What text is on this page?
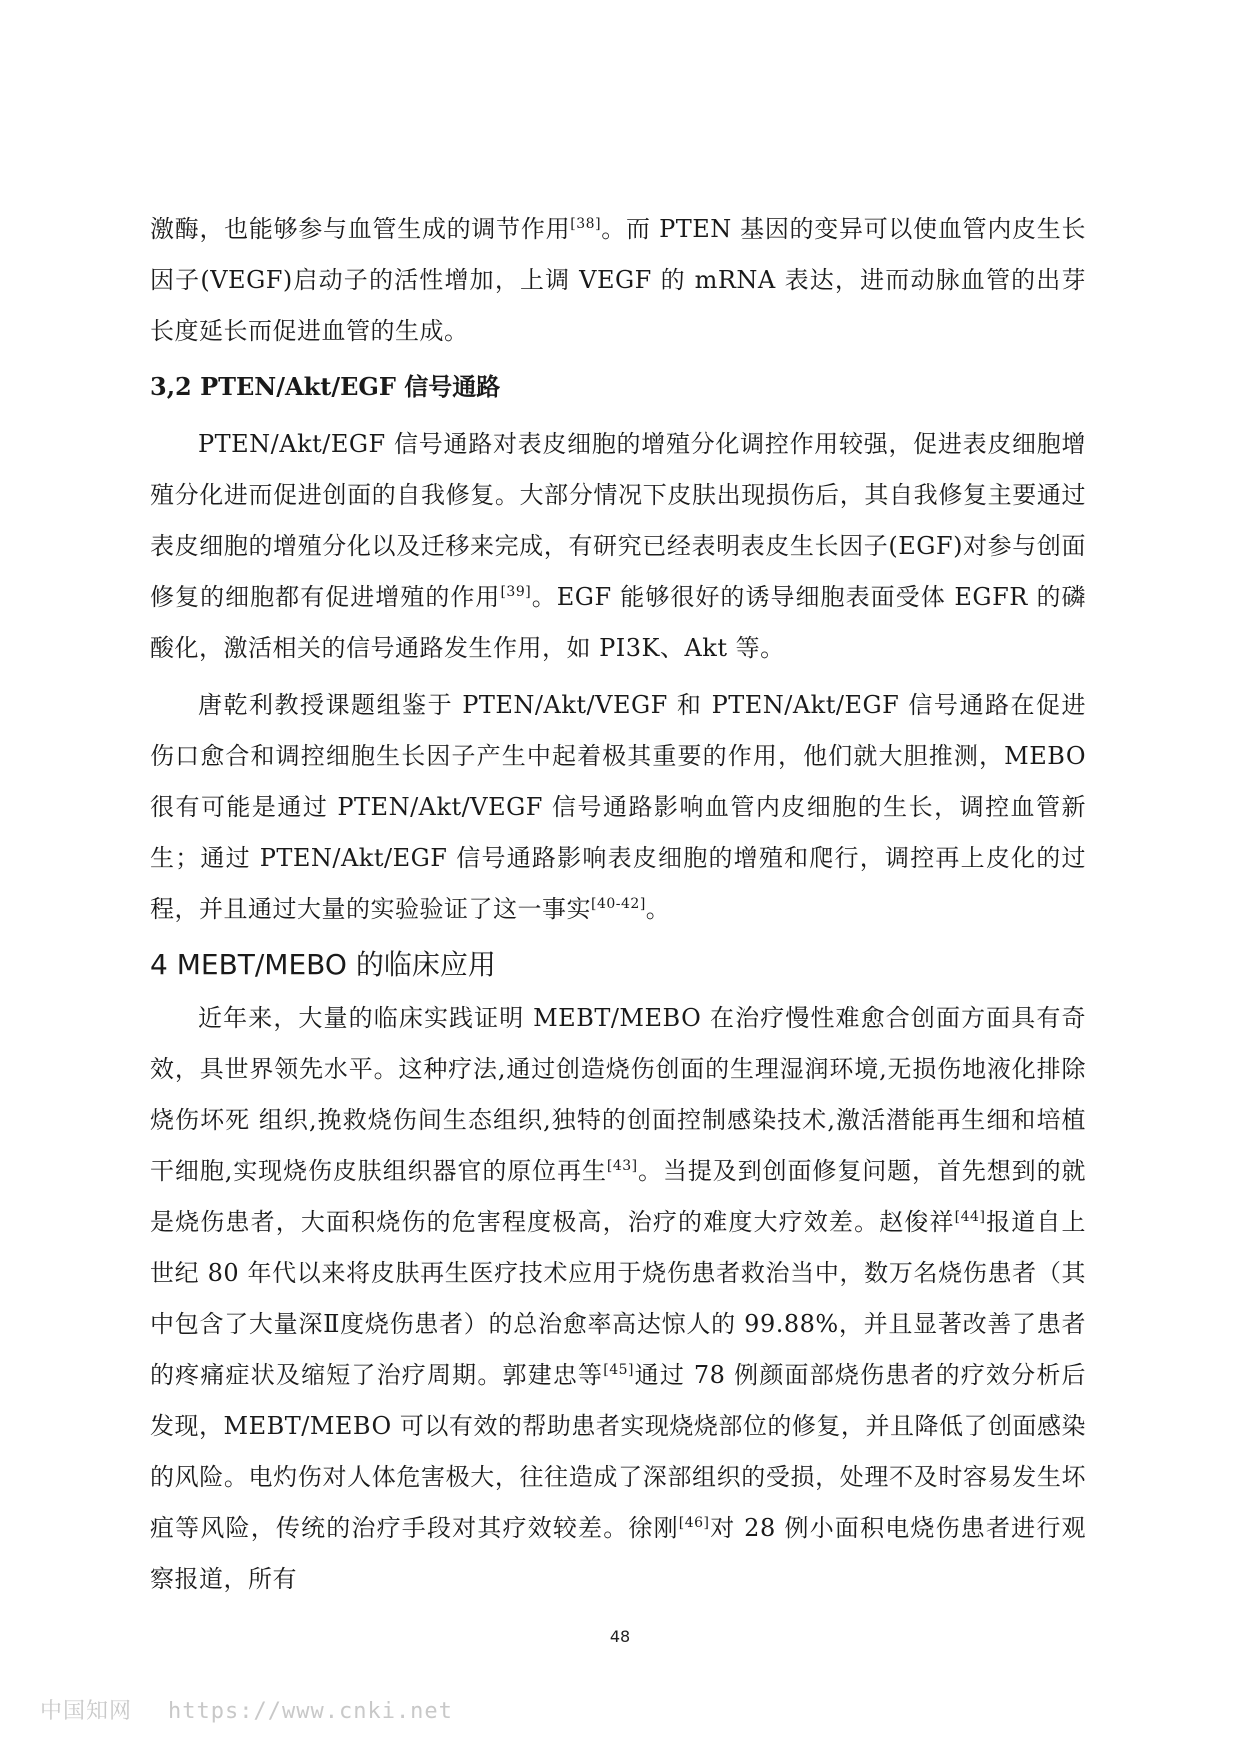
激酶，也能够参与血管生成的调节作用[38]。而 PTEN 基因的变异可以使血管内皮生长因子(VEGF)启动子的活性增加，上调 VEGF 的 mRNA 表达，进而动脉血管的出芽长度延长而促进血管的生成。

3,2 PTEN/Akt/EGF 信号通路

PTEN/Akt/EGF 信号通路对表皮细胞的增殖分化调控作用较强，促进表皮细胞增殖分化进而促进创面的自我修复。大部分情况下皮肤出现损伤后，其自我修复主要通过表皮细胞的增殖分化以及迁移来完成，有研究已经表明表皮生长因子(EGF)对参与创面修复的细胞都有促进增殖的作用[39]。EGF 能够很好的诱导细胞表面受体 EGFR 的磷酸化，激活相关的信号通路发生作用，如 PI3K、Akt 等。

唐乾利教授课题组鉴于 PTEN/Akt/VEGF 和 PTEN/Akt/EGF 信号通路在促进伤口愈合和调控细胞生长因子产生中起着极其重要的作用，他们就大胆推测，MEBO 很有可能是通过 PTEN/Akt/VEGF 信号通路影响血管内皮细胞的生长，调控血管新生；通过 PTEN/Akt/EGF 信号通路影响表皮细胞的增殖和爬行，调控再上皮化的过程，并且通过大量的实验验证了这一事实[40-42]。

4 MEBT/MEBO 的临床应用

近年来，大量的临床实践证明 MEBT/MEBO 在治疗慢性难愈合创面方面具有奇效，具世界领先水平。这种疗法,通过创造烧伤创面的生理湿润环境,无损伤地液化排除烧伤坏死 组织,挽救烧伤间生态组织,独特的创面控制感染技术,激活潜能再生细和培植干细胞,实现烧伤皮肤组织器官的原位再生[43]。当提及到创面修复问题，首先想到的就是烧伤患者，大面积烧伤的危害程度极高，治疗的难度大疗效差。赵俊祥[44]报道自上世纪 80 年代以来将皮肤再生医疗技术应用于烧伤患者救治当中，数万名烧伤患者（其中包含了大量深Ⅱ度烧伤患者）的总治愈率高达惊人的 99.88%，并且显著改善了患者的疼痛症状及缩短了治疗周期。郭建忠等[45]通过 78 例颜面部烧伤患者的疗效分析后发现，MEBT/MEBO 可以有效的帮助患者实现烧烧部位的修复，并且降低了创面感染的风险。电灼伤对人体危害极大，往往造成了深部组织的受损，处理不及时容易发生坏疽等风险，传统的治疗手段对其疗效较差。徐刚[46]对 28 例小面积电烧伤患者进行观察报道，所有

48
中国知网 https://www.cnki.net
